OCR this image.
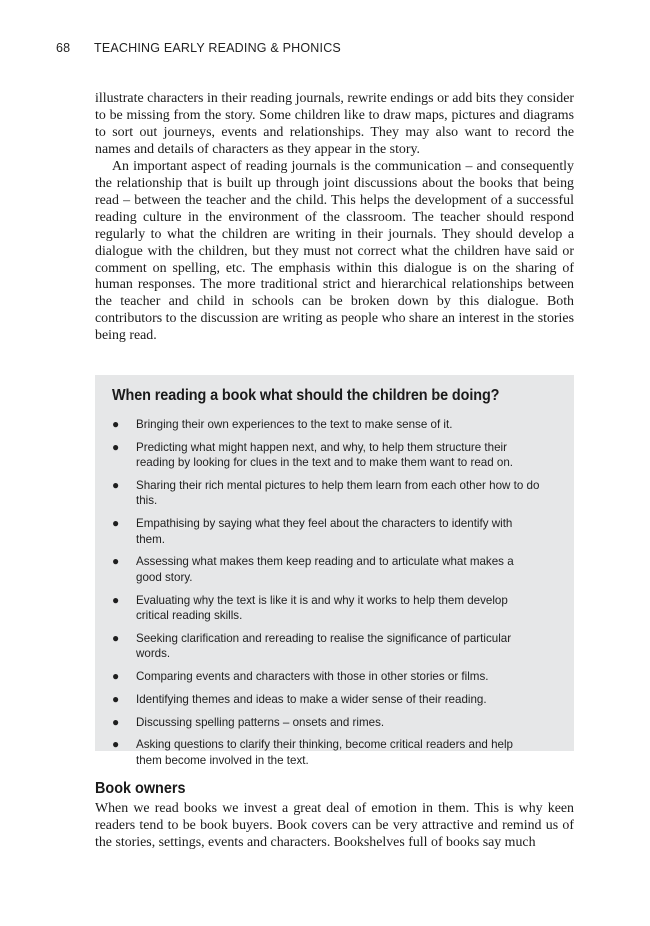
68 TEACHING EARLY READING & PHONICS

illustrate characters in their reading journals, rewrite endings or add bits they consider to be missing from the story. Some children like to draw maps, pictures and diagrams to sort out journeys, events and relationships. They may also want to record the names and details of characters as they appear in the story.

An important aspect of reading journals is the communication – and consequently the relationship that is built up through joint discussions about the books that being read – between the teacher and the child. This helps the development of a successful reading culture in the environment of the classroom. The teacher should respond regularly to what the children are writing in their journals. They should develop a dialogue with the children, but they must not correct what the children have said or comment on spelling, etc. The emphasis within this dialogue is on the sharing of human responses. The more traditional strict and hierarchical relationships between the teacher and child in schools can be broken down by this dialogue. Both contributors to the discussion are writing as people who share an interest in the stories being read.

When reading a book what should the children be doing?
● Bringing their own experiences to the text to make sense of it.
● Predicting what might happen next, and why, to help them structure their reading by looking for clues in the text and to make them want to read on.
● Sharing their rich mental pictures to help them learn from each other how to do this.
● Empathising by saying what they feel about the characters to identify with them.
● Assessing what makes them keep reading and to articulate what makes a good story.
● Evaluating why the text is like it is and why it works to help them develop critical reading skills.
● Seeking clarification and rereading to realise the significance of particular words.
● Comparing events and characters with those in other stories or films.
● Identifying themes and ideas to make a wider sense of their reading.
● Discussing spelling patterns – onsets and rimes.
● Asking questions to clarify their thinking, become critical readers and help them become involved in the text.
Book owners

When we read books we invest a great deal of emotion in them. This is why keen readers tend to be book buyers. Book covers can be very attractive and remind us of the stories, settings, events and characters. Bookshelves full of books say much
